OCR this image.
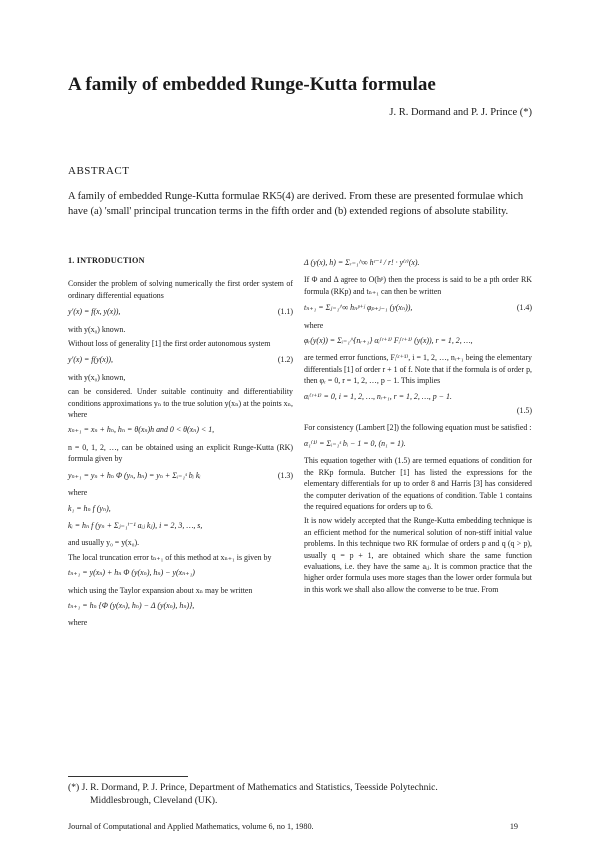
A family of embedded Runge-Kutta formulae
J. R. Dormand and P. J. Prince (*)
ABSTRACT
A family of embedded Runge-Kutta formulae RK5(4) are derived. From these are presented formulae which have (a) 'small' principal truncation terms in the fifth order and (b) extended regions of absolute stability.
1. INTRODUCTION

Consider the problem of solving numerically the first order system of ordinary differential equations

y′(x) = f(x, y(x)),	(1.1)

with y(x₀) known.

Without loss of generality [1] the first order autonomous system

y′(x) = f(y(x)),	(1.2)

with y(x₀) known,

can be considered. Under suitable continuity and differentiability conditions approximations yₙ to the true solution y(xₙ) at the points xₙ, where

xₙ₊₁ = xₙ + hₙ, hₙ = θ(xₙ)h and 0 < θ(xₙ) < 1,

n = 0, 1, 2, …, can be obtained using an explicit Runge-Kutta (RK) formula given by

yₙ₊₁ = yₙ + hₙ Φ (yₙ, hₙ) = yₙ + Σᵢ₌₁ˢ bᵢ kᵢ	(1.3)

where

k₁ = hₙ f (yₙ),
kᵢ = hₙ f (yₙ + Σⱼ₌₁ⁱ⁻¹ aᵢⱼ kⱼ), i = 2, 3, …, s,

and usually y₀ = y(x₀).

The local truncation error tₙ₊₁ of this method at xₙ₊₁ is given by

tₙ₊₁ = y(xₙ) + hₙ Φ (y(xₙ), hₙ) − y(xₙ₊₁)

which using the Taylor expansion about xₙ may be written

tₙ₊₁ = hₙ {Φ (y(xₙ), hₙ) − Δ (y(xₙ), hₙ)},

where

Δ (y(x), h) = Σᵣ₌₁^∞ hʳ⁻¹ / r! · y⁽ʳ⁾(x).

If Φ and Δ agree to O(hᵖ) then the process is said to be a pth order RK formula (RKp) and tₙ₊₁ can then be written

tₙ₊₁ = Σⱼ₌₁^∞ hₙᵖ⁺ʲ φₚ₊ⱼ₋₁ (y(xₙ)),	(1.4)

where

φᵣ(y(x)) = Σᵢ₌₁^{nᵣ₊₁} αᵢ⁽ʳ⁺¹⁾ Fᵢ⁽ʳ⁺¹⁾ (y(x)), r = 1, 2, …,

are termed error functions, Fᵢ⁽ʳ⁺¹⁾, i = 1, 2, …, nᵣ₊₁ being the elementary differentials [1] of order r + 1 of f. Note that if the formula is of order p, then φᵣ = 0, r = 1, 2, …, p − 1. This implies

αᵢ⁽ʳ⁺¹⁾ = 0, i = 1, 2, …, nᵣ₊₁, r = 1, 2, …, p − 1.
(1.5)

For consistency (Lambert [2]) the following equation must be satisfied :

α₁⁽¹⁾ = Σᵢ₌₁ˢ bᵢ − 1 = 0, (n₁ = 1).

This equation together with (1.5) are termed equations of condition for the RKp formula. Butcher [1] has listed the expressions for the elementary differentials for up to order 8 and Harris [3] has considered the computer derivation of the equations of condition. Table 1 contains the required equations for orders up to 6.

It is now widely accepted that the Runge-Kutta embedding technique is an efficient method for the numerical solution of non-stiff initial value problems. In this technique two RK formulae of orders p and q (q > p), usually q = p + 1, are obtained which share the same function evaluations, i.e. they have the same aᵢⱼ. It is common practice that the higher order formula uses more stages than the lower order formula but in this work we shall also allow the converse to be true. From

(*) J. R. Dormand, P. J. Prince, Department of Mathematics and Statistics, Teesside Polytechnic.
Middlesbrough, Cleveland (UK).
Journal of Computational and Applied Mathematics, volume 6, no 1, 1980.	19
